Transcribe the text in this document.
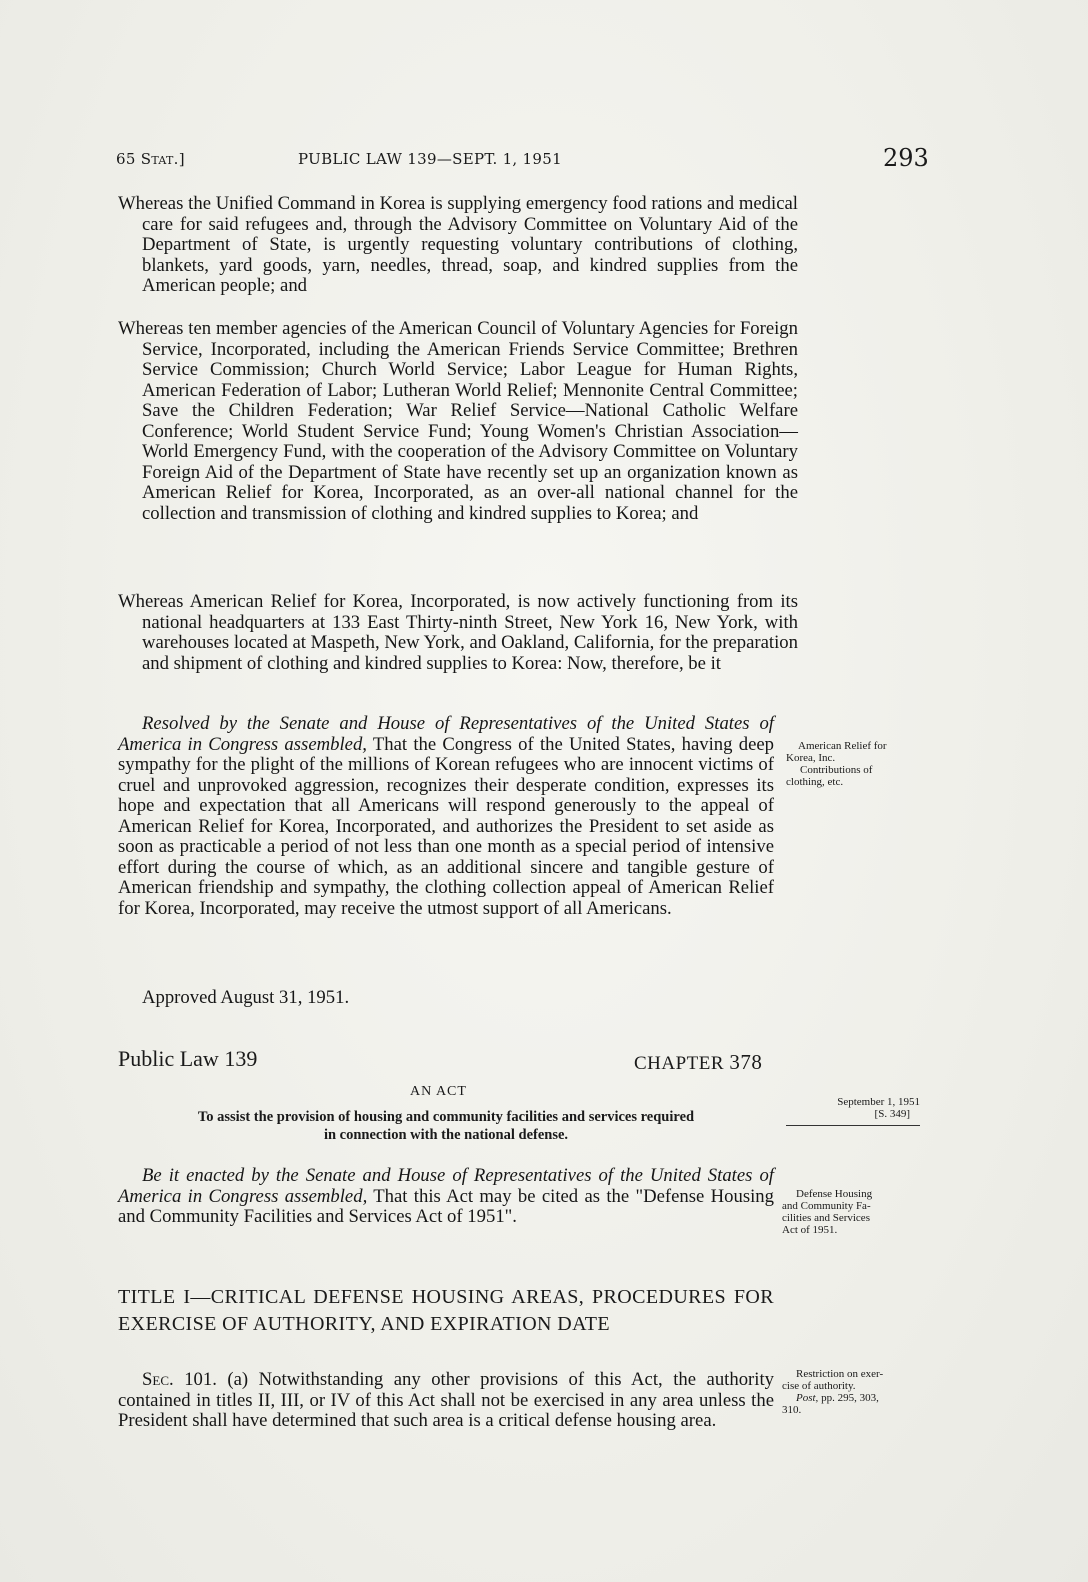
65 Stat.]	PUBLIC LAW 139—SEPT. 1, 1951	293
Whereas the Unified Command in Korea is supplying emergency food rations and medical care for said refugees and, through the Advisory Committee on Voluntary Aid of the Department of State, is urgently requesting voluntary contributions of clothing, blankets, yard goods, yarn, needles, thread, soap, and kindred supplies from the American people; and
Whereas ten member agencies of the American Council of Voluntary Agencies for Foreign Service, Incorporated, including the American Friends Service Committee; Brethren Service Commission; Church World Service; Labor League for Human Rights, American Federation of Labor; Lutheran World Relief; Mennonite Central Committee; Save the Children Federation; War Relief Service—National Catholic Welfare Conference; World Student Service Fund; Young Women's Christian Association—World Emergency Fund, with the cooperation of the Advisory Committee on Voluntary Foreign Aid of the Department of State have recently set up an organization known as American Relief for Korea, Incorporated, as an over-all national channel for the collection and transmission of clothing and kindred supplies to Korea; and
Whereas American Relief for Korea, Incorporated, is now actively functioning from its national headquarters at 133 East Thirty-ninth Street, New York 16, New York, with warehouses located at Maspeth, New York, and Oakland, California, for the preparation and shipment of clothing and kindred supplies to Korea: Now, therefore, be it
Resolved by the Senate and House of Representatives of the United States of America in Congress assembled, That the Congress of the United States, having deep sympathy for the plight of the millions of Korean refugees who are innocent victims of cruel and unprovoked aggression, recognizes their desperate condition, expresses its hope and expectation that all Americans will respond generously to the appeal of American Relief for Korea, Incorporated, and authorizes the President to set aside as soon as practicable a period of not less than one month as a special period of intensive effort during the course of which, as an additional sincere and tangible gesture of American friendship and sympathy, the clothing collection appeal of American Relief for Korea, Incorporated, may receive the utmost support of all Americans.
Approved August 31, 1951.
Public Law 139	CHAPTER 378
AN ACT
To assist the provision of housing and community facilities and services required
in connection with the national defense.
Be it enacted by the Senate and House of Representatives of the United States of America in Congress assembled, That this Act may be cited as the "Defense Housing and Community Facilities and Services Act of 1951".
TITLE I—CRITICAL DEFENSE HOUSING AREAS, PROCEDURES FOR EXERCISE OF AUTHORITY, AND EXPIRATION DATE
Sec. 101. (a) Notwithstanding any other provisions of this Act, the authority contained in titles II, III, or IV of this Act shall not be exercised in any area unless the President shall have determined that such area is a critical defense housing area.
American Relief for
Korea, Inc.
Contributions of
clothing, etc.
September 1, 1951
[S. 349]
Defense Housing
and Community Fa-
cilities and Services
Act of 1951.
Restriction on exer-
cise of authority.
Post, pp. 295, 303,
310.
